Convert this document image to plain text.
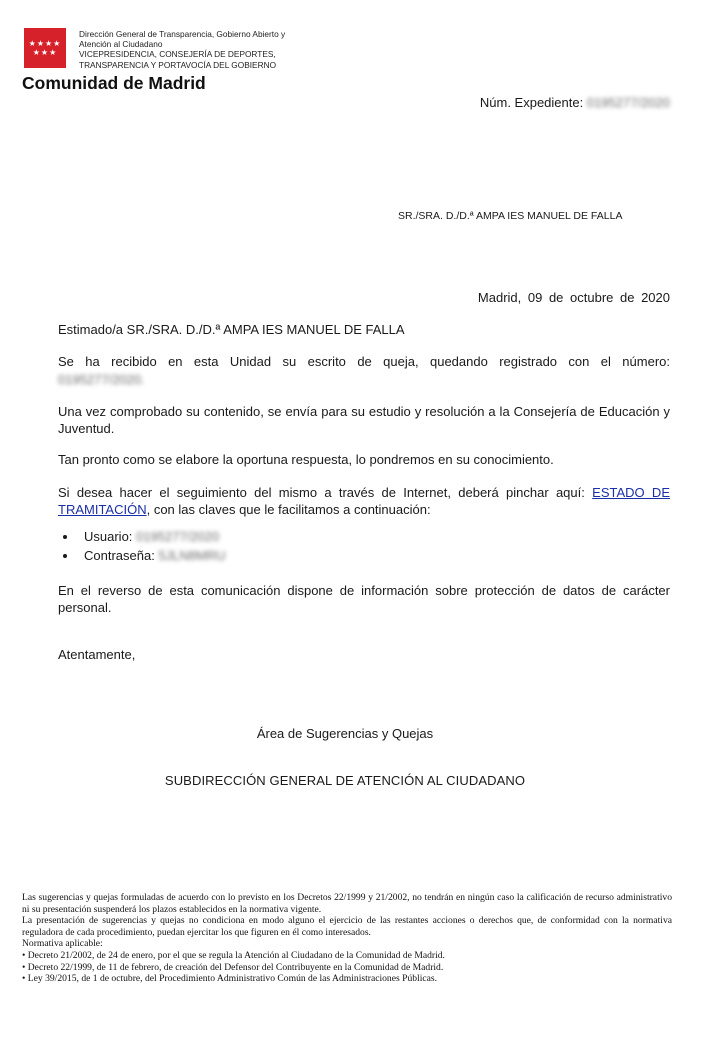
★★★★
★★★
Dirección General de Transparencia, Gobierno Abierto y
Atención al Ciudadano
VICEPRESIDENCIA, CONSEJERÍA DE DEPORTES,
TRANSPARENCIA Y PORTAVOCÍA DEL GOBIERNO
Comunidad de Madrid
Núm. Expediente: 0195277/2020
SR./SRA. D./D.ª AMPA IES MANUEL DE FALLA
Madrid, 09 de octubre de 2020
Estimado/a SR./SRA. D./D.ª AMPA IES MANUEL DE FALLA
Se ha recibido en esta Unidad su escrito de queja, quedando registrado con el número:
0195277/2020.
Una vez comprobado su contenido, se envía para su estudio y resolución a la Consejería de Educación y Juventud.
Tan pronto como se elabore la oportuna respuesta, lo pondremos en su conocimiento.
Si desea hacer el seguimiento del mismo a través de Internet, deberá pinchar aquí: ESTADO DE TRAMITACIÓN, con las claves que le facilitamos a continuación:
• Usuario: 0195277/2020
• Contraseña: 5JLN8MRU
En el reverso de esta comunicación dispone de información sobre protección de datos de carácter personal.
Atentamente,
Área de Sugerencias y Quejas
SUBDIRECCIÓN GENERAL DE ATENCIÓN AL CIUDADANO

Las sugerencias y quejas formuladas de acuerdo con lo previsto en los Decretos 22/1999 y 21/2002, no tendrán en ningún caso la calificación de recurso administrativo ni su presentación suspenderá los plazos establecidos en la normativa vigente.

La presentación de sugerencias y quejas no condiciona en modo alguno el ejercicio de las restantes acciones o derechos que, de conformidad con la normativa reguladora de cada procedimiento, puedan ejercitar los que figuren en él como interesados.

Normativa aplicable:

• Decreto 21/2002, de 24 de enero, por el que se regula la Atención al Ciudadano de la Comunidad de Madrid.

• Decreto 22/1999, de 11 de febrero, de creación del Defensor del Contribuyente en la Comunidad de Madrid.

• Ley 39/2015, de 1 de octubre, del Procedimiento Administrativo Común de las Administraciones Públicas.
